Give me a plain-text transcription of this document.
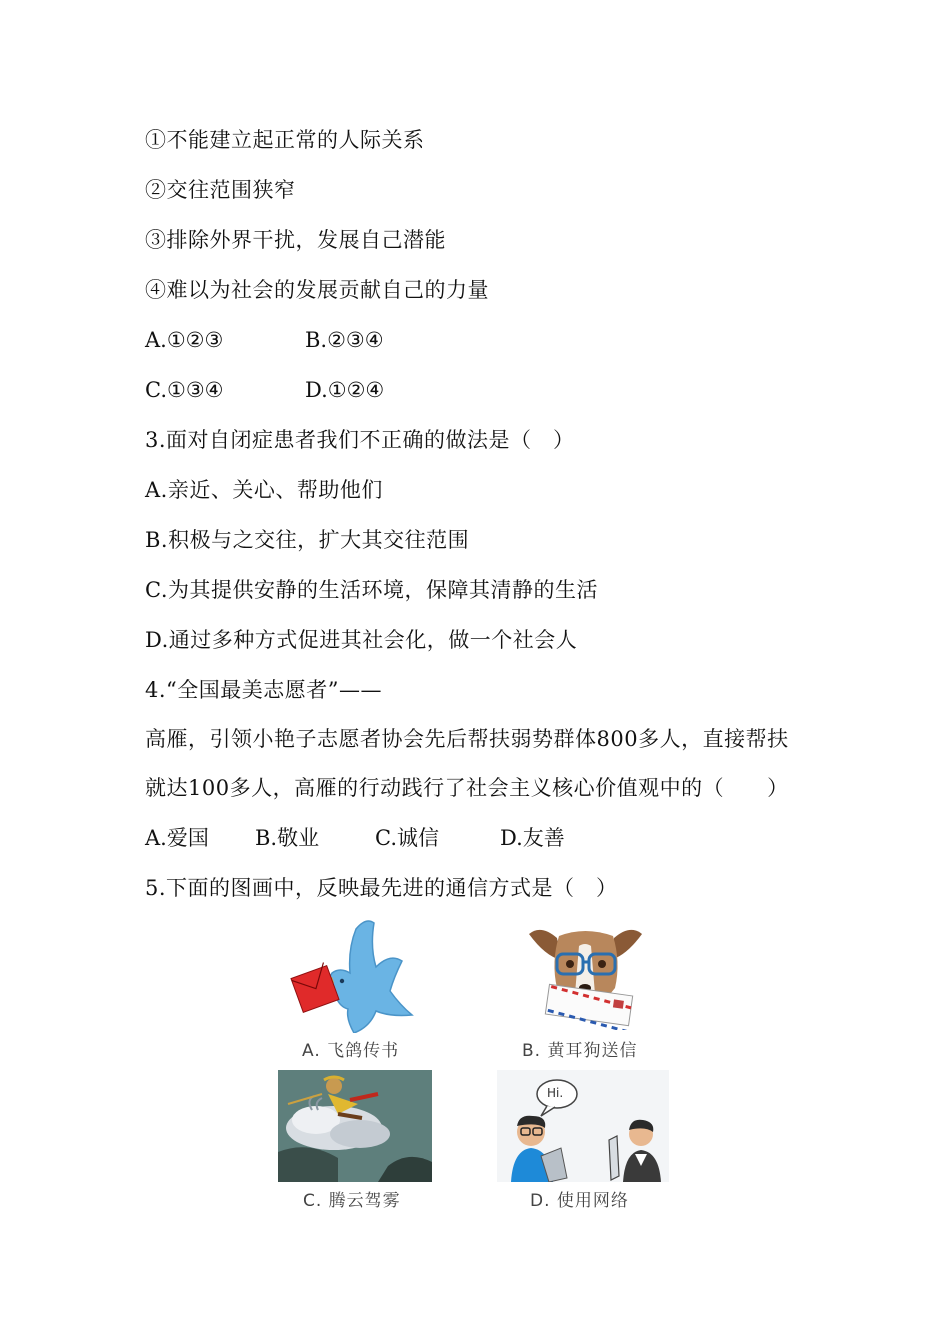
①不能建立起正常的人际关系
②交往范围狭窄
③排除外界干扰，发展自己潜能
④难以为社会的发展贡献自己的力量
A.①②③	B.②③④
C.①③④	D.①②④
3.面对自闭症患者我们不正确的做法是（　）
A.亲近、关心、帮助他们
B.积极与之交往，扩大其交往范围
C.为其提供安静的生活环境，保障其清静的生活
D.通过多种方式促进其社会化，做一个社会人
4.“全国最美志愿者”——
高雁，引领小艳子志愿者协会先后帮扶弱势群体800多人，直接帮扶
就达100多人，高雁的行动践行了社会主义核心价值观中的（　　）
A.爱国 B.敬业	C.诚信	D.友善
5.下面的图画中，反映最先进的通信方式是（　）
A. 飞鸽传书	B. 黄耳狗送信
C. 腾云驾雾
Hi.
D. 使用网络
